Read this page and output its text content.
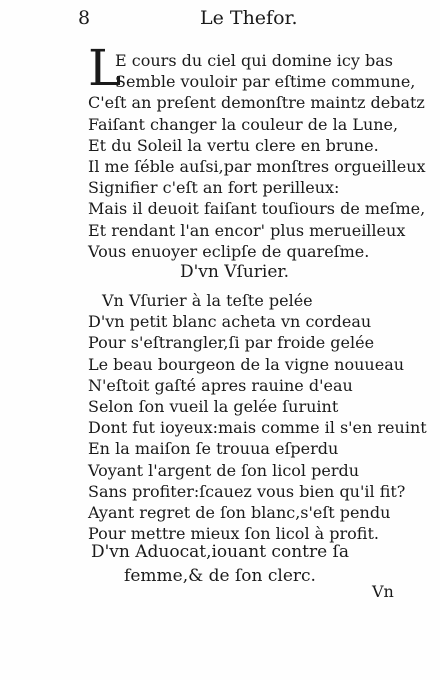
8	Le Thefor.
L
E cours du ciel qui domine icy bas
Semble vouloir par eſtime commune,
C'eſt an preſent demonſtre maintz debatz
Faiſant changer la couleur de la Lune,
Et du Soleil la vertu clere en brune.
Il me ſéble auſsi,par monſtres orgueilleux
Signifier c'eſt an fort perilleux:
Mais il deuoit faiſant touſiours de meſme,
Et rendant l'an encor' plus merueilleux
Vous enuoyer eclipſe de quareſme.
D'vn Vſurier.
Vn Vſurier à la teſte pelée
D'vn petit blanc acheta vn cordeau
Pour s'eſtrangler,ſi par froide gelée
Le beau bourgeon de la vigne nouueau
N'eſtoit gaſté apres rauine d'eau
Selon ſon vueil la gelée ſuruint
Dont fut ioyeux:mais comme il s'en reuint
En la maiſon ſe trouua eſperdu
Voyant l'argent de ſon licol perdu
Sans profiter:ſcauez vous bien qu'il fit?
Ayant regret de ſon blanc,s'eſt pendu
Pour mettre mieux ſon licol à profit.
D'vn Aduocat,iouant contre ſa
femme,& de ſon clerc.
Vn
